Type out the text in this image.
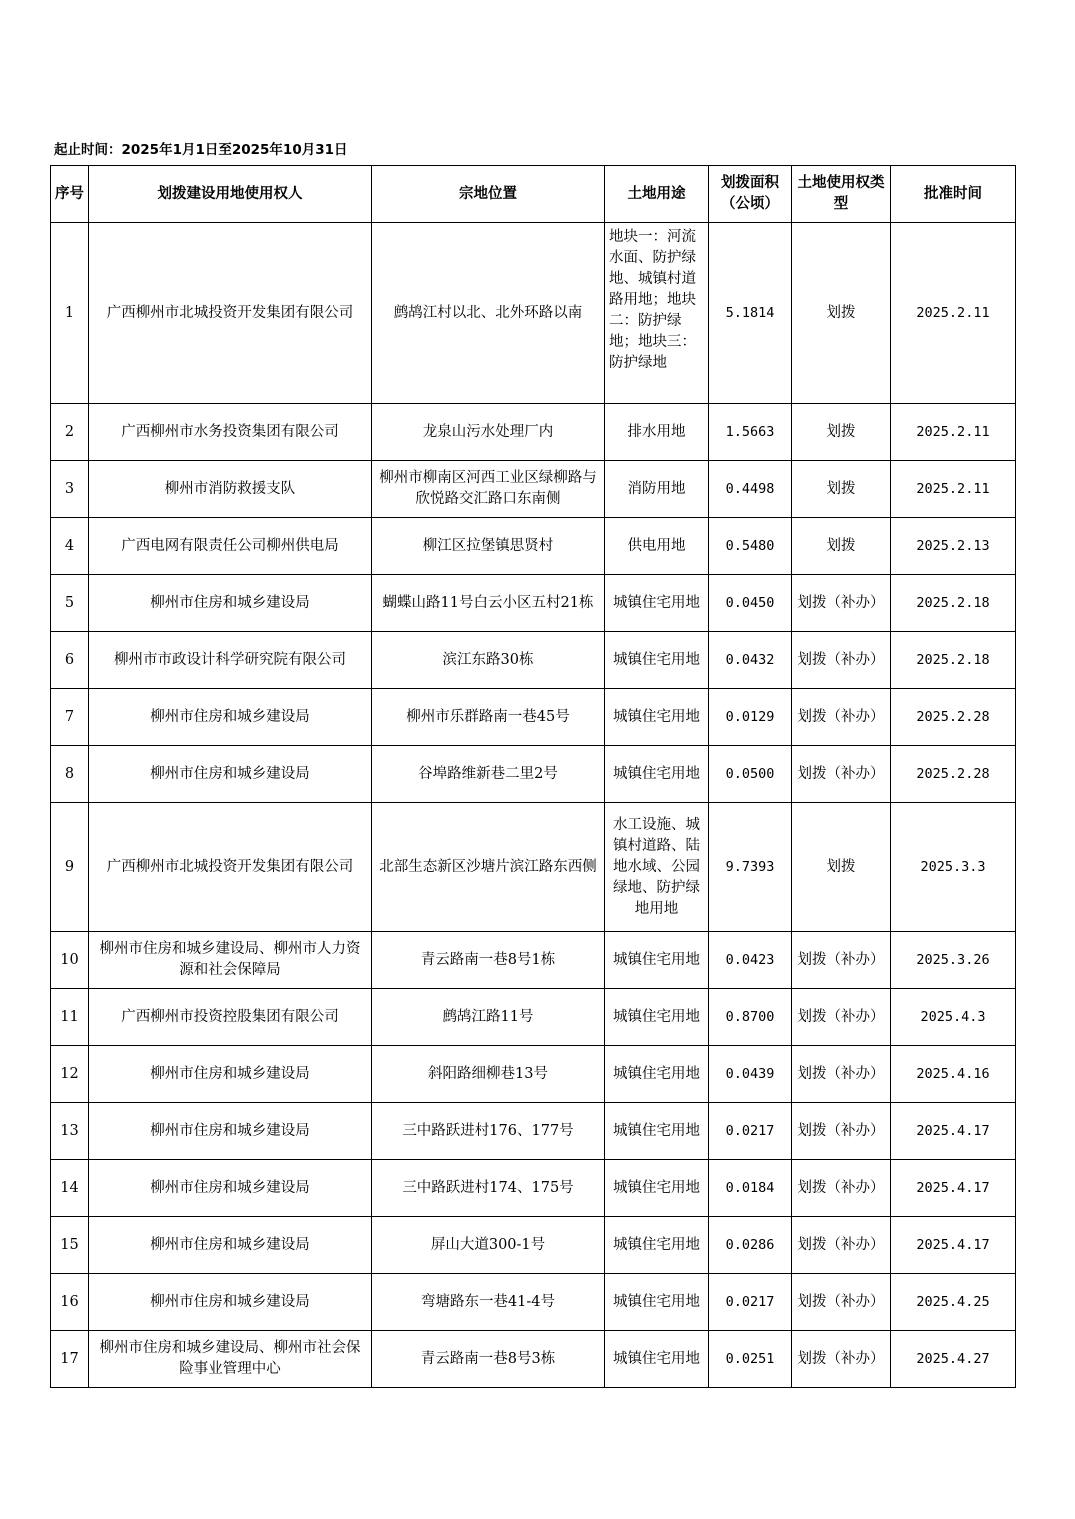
起止时间：2025年1月1日至2025年10月31日
序号	划拨建设用地使用权人	宗地位置	土地用途	划拨面积（公顷）	土地使用权类型	批准时间
1	广西柳州市北城投资开发集团有限公司	鹧鸪江村以北、北外环路以南	地块一：河流水面、防护绿地、城镇村道路用地；地块二：防护绿地；地块三：防护绿地	5.1814	划拨	2025.2.11
2	广西柳州市水务投资集团有限公司	龙泉山污水处理厂内	排水用地	1.5663	划拨	2025.2.11
3	柳州市消防救援支队	柳州市柳南区河西工业区绿柳路与欣悦路交汇路口东南侧	消防用地	0.4498	划拨	2025.2.11
4	广西电网有限责任公司柳州供电局	柳江区拉堡镇思贤村	供电用地	0.5480	划拨	2025.2.13
5	柳州市住房和城乡建设局	蝴蝶山路11号白云小区五村21栋	城镇住宅用地	0.0450	划拨（补办）	2025.2.18
6	柳州市市政设计科学研究院有限公司	滨江东路30栋	城镇住宅用地	0.0432	划拨（补办）	2025.2.18
7	柳州市住房和城乡建设局	柳州市乐群路南一巷45号	城镇住宅用地	0.0129	划拨（补办）	2025.2.28
8	柳州市住房和城乡建设局	谷埠路维新巷二里2号	城镇住宅用地	0.0500	划拨（补办）	2025.2.28
9	广西柳州市北城投资开发集团有限公司	北部生态新区沙塘片滨江路东西侧	水工设施、城镇村道路、陆地水域、公园绿地、防护绿地用地	9.7393	划拨	2025.3.3
10	柳州市住房和城乡建设局、柳州市人力资源和社会保障局	青云路南一巷8号1栋	城镇住宅用地	0.0423	划拨（补办）	2025.3.26
11	广西柳州市投资控股集团有限公司	鹧鸪江路11号	城镇住宅用地	0.8700	划拨（补办）	2025.4.3
12	柳州市住房和城乡建设局	斜阳路细柳巷13号	城镇住宅用地	0.0439	划拨（补办）	2025.4.16
13	柳州市住房和城乡建设局	三中路跃进村176、177号	城镇住宅用地	0.0217	划拨（补办）	2025.4.17
14	柳州市住房和城乡建设局	三中路跃进村174、175号	城镇住宅用地	0.0184	划拨（补办）	2025.4.17
15	柳州市住房和城乡建设局	屏山大道300-1号	城镇住宅用地	0.0286	划拨（补办）	2025.4.17
16	柳州市住房和城乡建设局	弯塘路东一巷41-4号	城镇住宅用地	0.0217	划拨（补办）	2025.4.25
17	柳州市住房和城乡建设局、柳州市社会保险事业管理中心	青云路南一巷8号3栋	城镇住宅用地	0.0251	划拨（补办）	2025.4.27
